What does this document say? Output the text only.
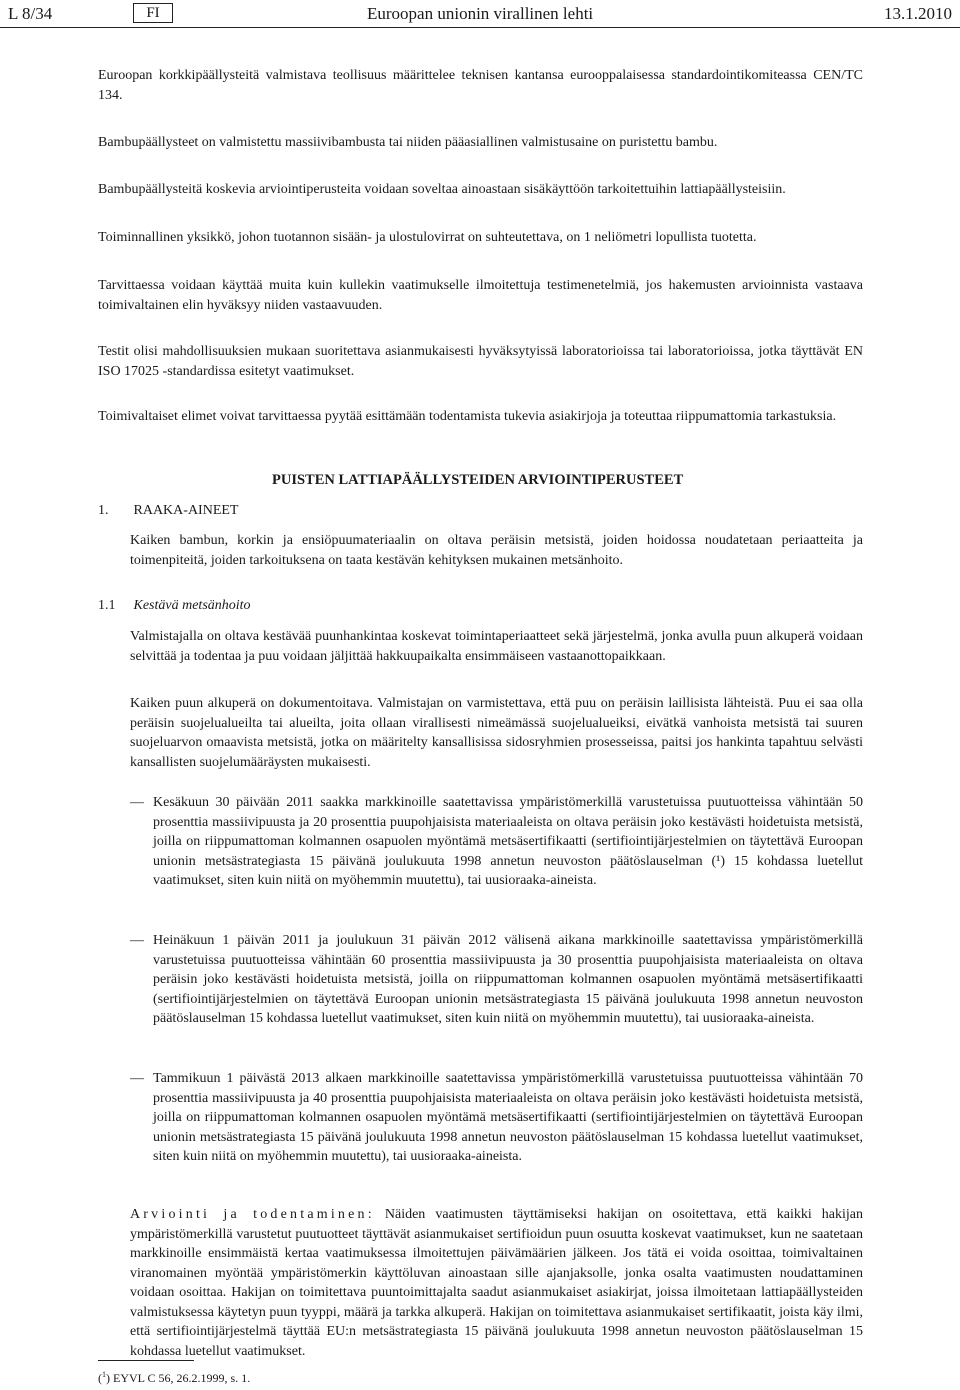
L 8/34	FI	Euroopan unionin virallinen lehti	13.1.2010

Euroopan korkkipäällysteitä valmistava teollisuus määrittelee teknisen kantansa eurooppalaisessa standardointikomiteassa CEN/TC 134.

Bambupäällysteet on valmistettu massiivibambusta tai niiden pääasiallinen valmistusaine on puristettu bambu.

Bambupäällysteitä koskevia arviointiperusteita voidaan soveltaa ainoastaan sisäkäyttöön tarkoitettuihin lattiapäällysteisiin.

Toiminnallinen yksikkö, johon tuotannon sisään- ja ulostulovirrat on suhteutettava, on 1 neliömetri lopullista tuotetta.

Tarvittaessa voidaan käyttää muita kuin kullekin vaatimukselle ilmoitettuja testimenetelmiä, jos hakemusten arvioinnista vastaava toimivaltainen elin hyväksyy niiden vastaavuuden.

Testit olisi mahdollisuuksien mukaan suoritettava asianmukaisesti hyväksytyissä laboratorioissa tai laboratorioissa, jotka täyttävät EN ISO 17025 -standardissa esitetyt vaatimukset.

Toimivaltaiset elimet voivat tarvittaessa pyytää esittämään todentamista tukevia asiakirjoja ja toteuttaa riippumattomia tarkastuksia.

PUISTEN LATTIAPÄÄLLYSTEIDEN ARVIOINTIPERUSTEET
1. RAAKA-AINEET

Kaiken bambun, korkin ja ensiöpuumateriaalin on oltava peräisin metsistä, joiden hoidossa noudatetaan periaatteita ja toimenpiteitä, joiden tarkoituksena on taata kestävän kehityksen mukainen metsänhoito.

1.1 Kestävä metsänhoito

Valmistajalla on oltava kestävää puunhankintaa koskevat toimintaperiaatteet sekä järjestelmä, jonka avulla puun alkuperä voidaan selvittää ja todentaa ja puu voidaan jäljittää hakkuupaikalta ensimmäiseen vastaanottopaikkaan.

Kaiken puun alkuperä on dokumentoitava. Valmistajan on varmistettava, että puu on peräisin laillisista lähteistä. Puu ei saa olla peräisin suojelualueilta tai alueilta, joita ollaan virallisesti nimeämässä suojelualueiksi, eivätkä vanhoista metsistä tai suuren suojeluarvon omaavista metsistä, jotka on määritelty kansallisissa sidosryhmien prosesseissa, paitsi jos hankinta tapahtuu selvästi kansallisten suojelumääräysten mukaisesti.

— Kesäkuun 30 päivään 2011 saakka markkinoille saatettavissa ympäristömerkillä varustetuissa puutuotteissa vähintään 50 prosenttia massiivipuusta ja 20 prosenttia puupohjaisista materiaaleista on oltava peräisin joko kestävästi hoidetuista metsistä, joilla on riippumattoman kolmannen osapuolen myöntämä metsäsertifikaatti (sertifiointijärjestelmien on täytettävä Euroopan unionin metsästrategiasta 15 päivänä joulukuuta 1998 annetun neuvoston päätöslauselman (¹) 15 kohdassa luetellut vaatimukset, siten kuin niitä on myöhemmin muutettu), tai uusioraaka-aineista.
— Heinäkuun 1 päivän 2011 ja joulukuun 31 päivän 2012 välisenä aikana markkinoille saatettavissa ympäristömerkillä varustetuissa puutuotteissa vähintään 60 prosenttia massiivipuusta ja 30 prosenttia puupohjaisista materiaaleista on oltava peräisin joko kestävästi hoidetuista metsistä, joilla on riippumattoman kolmannen osapuolen myöntämä metsäsertifikaatti (sertifiointijärjestelmien on täytettävä Euroopan unionin metsästrategiasta 15 päivänä joulukuuta 1998 annetun neuvoston päätöslauselman 15 kohdassa luetellut vaatimukset, siten kuin niitä on myöhemmin muutettu), tai uusioraaka-aineista.
— Tammikuun 1 päivästä 2013 alkaen markkinoille saatettavissa ympäristömerkillä varustetuissa puutuotteissa vähintään 70 prosenttia massiivipuusta ja 40 prosenttia puupohjaisista materiaaleista on oltava peräisin joko kestävästi hoidetuista metsistä, joilla on riippumattoman kolmannen osapuolen myöntämä metsäsertifikaatti (sertifiointijärjestelmien on täytettävä Euroopan unionin metsästrategiasta 15 päivänä joulukuuta 1998 annetun neuvoston päätöslauselman 15 kohdassa luetellut vaatimukset, siten kuin niitä on myöhemmin muutettu), tai uusioraaka-aineista.

Arviointi ja todentaminen: Näiden vaatimusten täyttämiseksi hakijan on osoitettava, että kaikki hakijan ympäristömerkillä varustetut puutuotteet täyttävät asianmukaiset sertifioidun puun osuutta koskevat vaatimukset, kun ne saatetaan markkinoille ensimmäistä kertaa vaatimuksessa ilmoitettujen päivämäärien jälkeen. Jos tätä ei voida osoittaa, toimivaltainen viranomainen myöntää ympäristömerkin käyttöluvan ainoastaan sille ajanjaksolle, jonka osalta vaatimusten noudattaminen voidaan osoittaa. Hakijan on toimitettava puuntoimittajalta saadut asianmukaiset asiakirjat, joissa ilmoitetaan lattiapäällysteiden valmistuksessa käytetyn puun tyyppi, määrä ja tarkka alkuperä. Hakijan on toimitettava asianmukaiset sertifikaatit, joista käy ilmi, että sertifiointijärjestelmä täyttää EU:n metsästrategiasta 15 päivänä joulukuuta 1998 annetun neuvoston päätöslauselman 15 kohdassa luetellut vaatimukset.

($^1$) EYVL C 56, 26.2.1999, s. 1.
